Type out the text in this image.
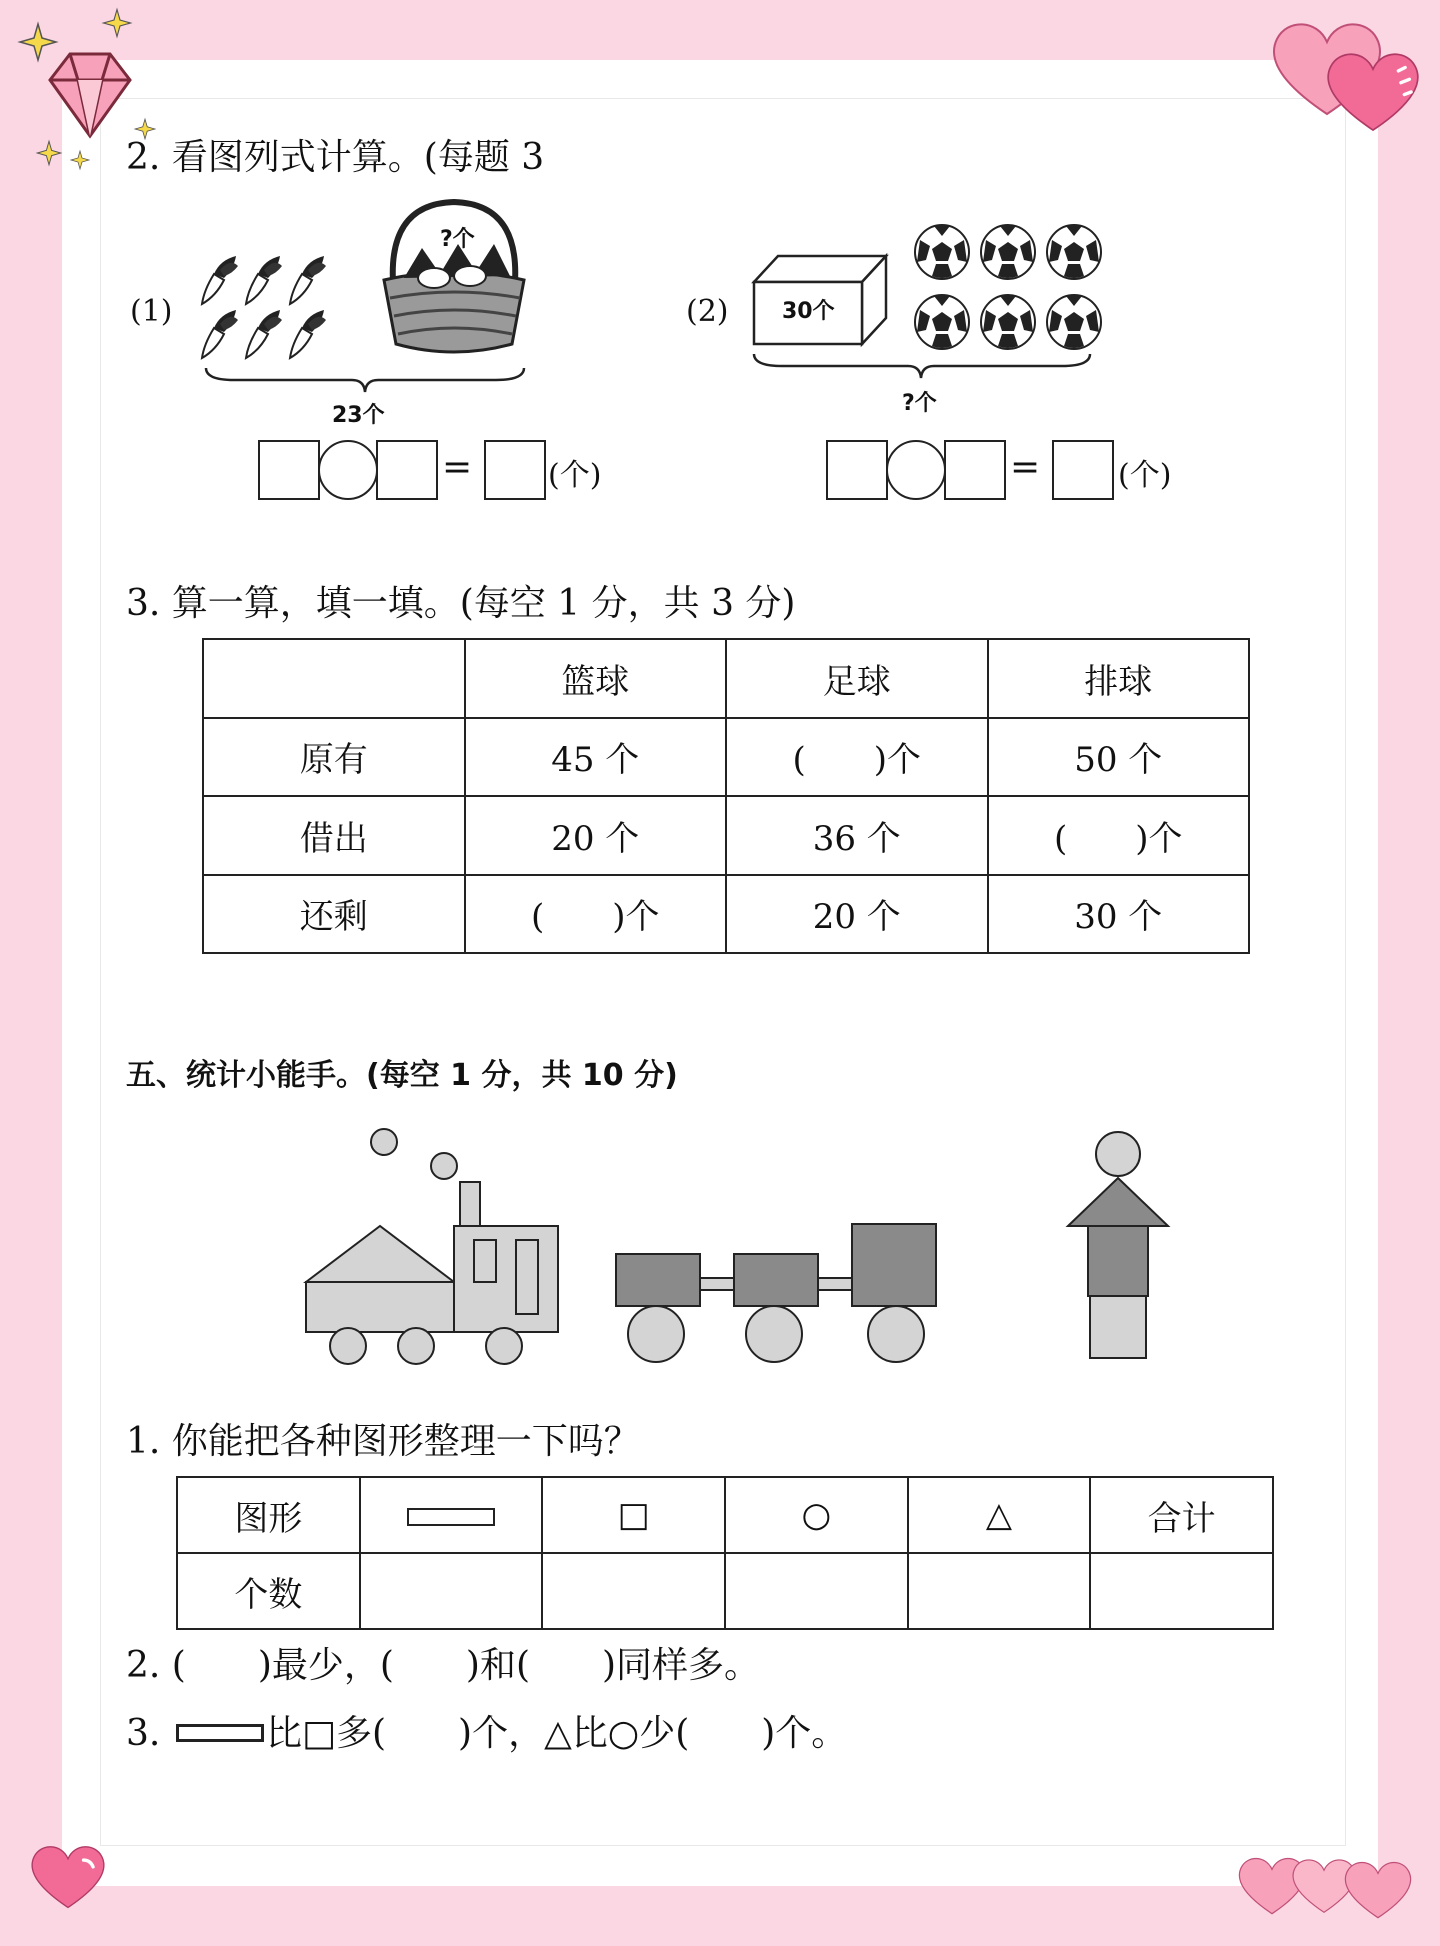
2. 看图列式计算。(每题 3
(1)
?个
23个
=	(个)
(2) 30个
?个
=	(个)
3. 算一算，填一填。(每空 1 分，共 3 分)
	篮球	足球	排球
原有	45 个	(　　)个	50 个
借出	20 个	36 个	(　　)个
还剩	(　　)个	20 个	30 个
五、统计小能手。(每空 1 分，共 10 分)
1. 你能把各种图形整理一下吗？
图形		□	○	△	合计
个数					
2. (　　)最少，(　　)和(　　)同样多。
3.	比□多(　　)个，△比○少(　　)个。
